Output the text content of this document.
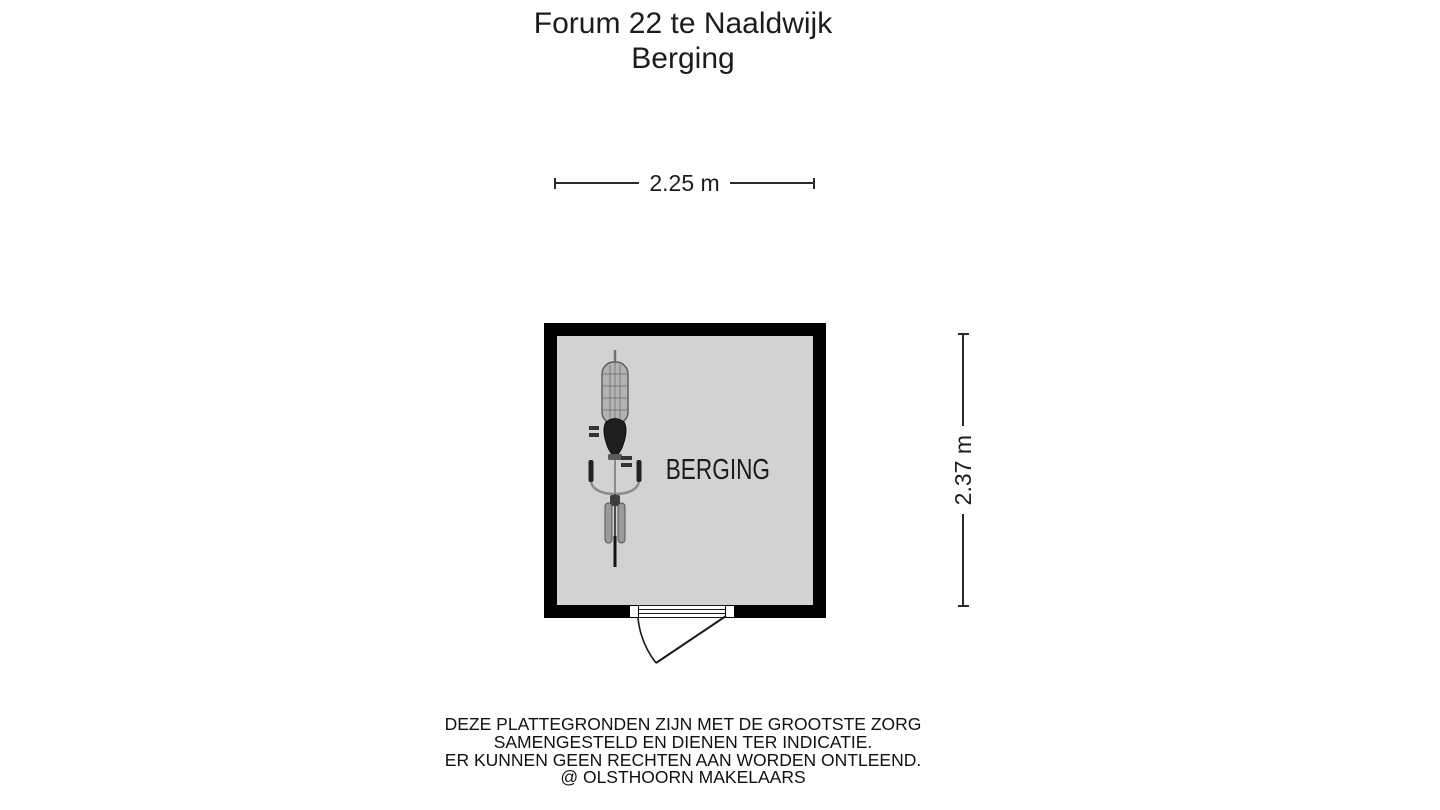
Forum 22 te Naaldwijk
Berging
2.25 m
BERGING	2.37 m
DEZE PLATTEGRONDEN ZIJN MET DE GROOTSTE ZORG
SAMENGESTELD EN DIENEN TER INDICATIE.
ER KUNNEN GEEN RECHTEN AAN WORDEN ONTLEEND.
@ OLSTHOORN MAKELAARS
